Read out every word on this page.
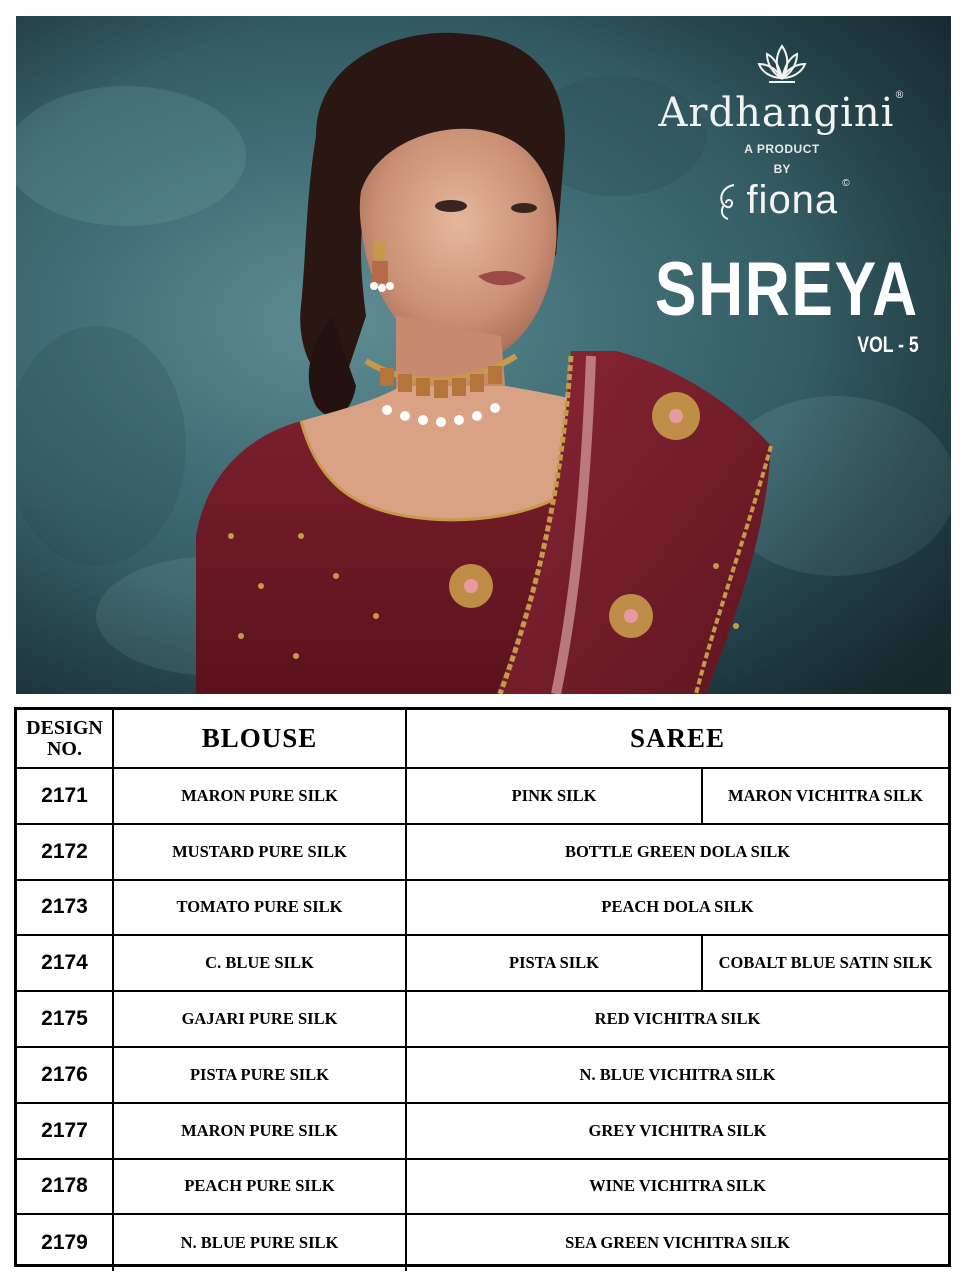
Ardhangini®
A PRODUCT
BY
fiona ©
SHREYA
VOL - 5
DESIGN
NO.	BLOUSE	SAREE
2171	MARON PURE SILK	PINK SILK	MARON VICHITRA SILK
2172	MUSTARD PURE SILK	BOTTLE GREEN DOLA SILK
2173	TOMATO PURE SILK	PEACH DOLA SILK
2174	C. BLUE SILK	PISTA SILK	COBALT BLUE SATIN SILK
2175	GAJARI PURE SILK	RED VICHITRA SILK
2176	PISTA PURE SILK	N. BLUE VICHITRA SILK
2177	MARON PURE SILK	GREY VICHITRA SILK
2178	PEACH PURE SILK	WINE VICHITRA SILK
2179	N. BLUE PURE SILK	SEA GREEN VICHITRA SILK
